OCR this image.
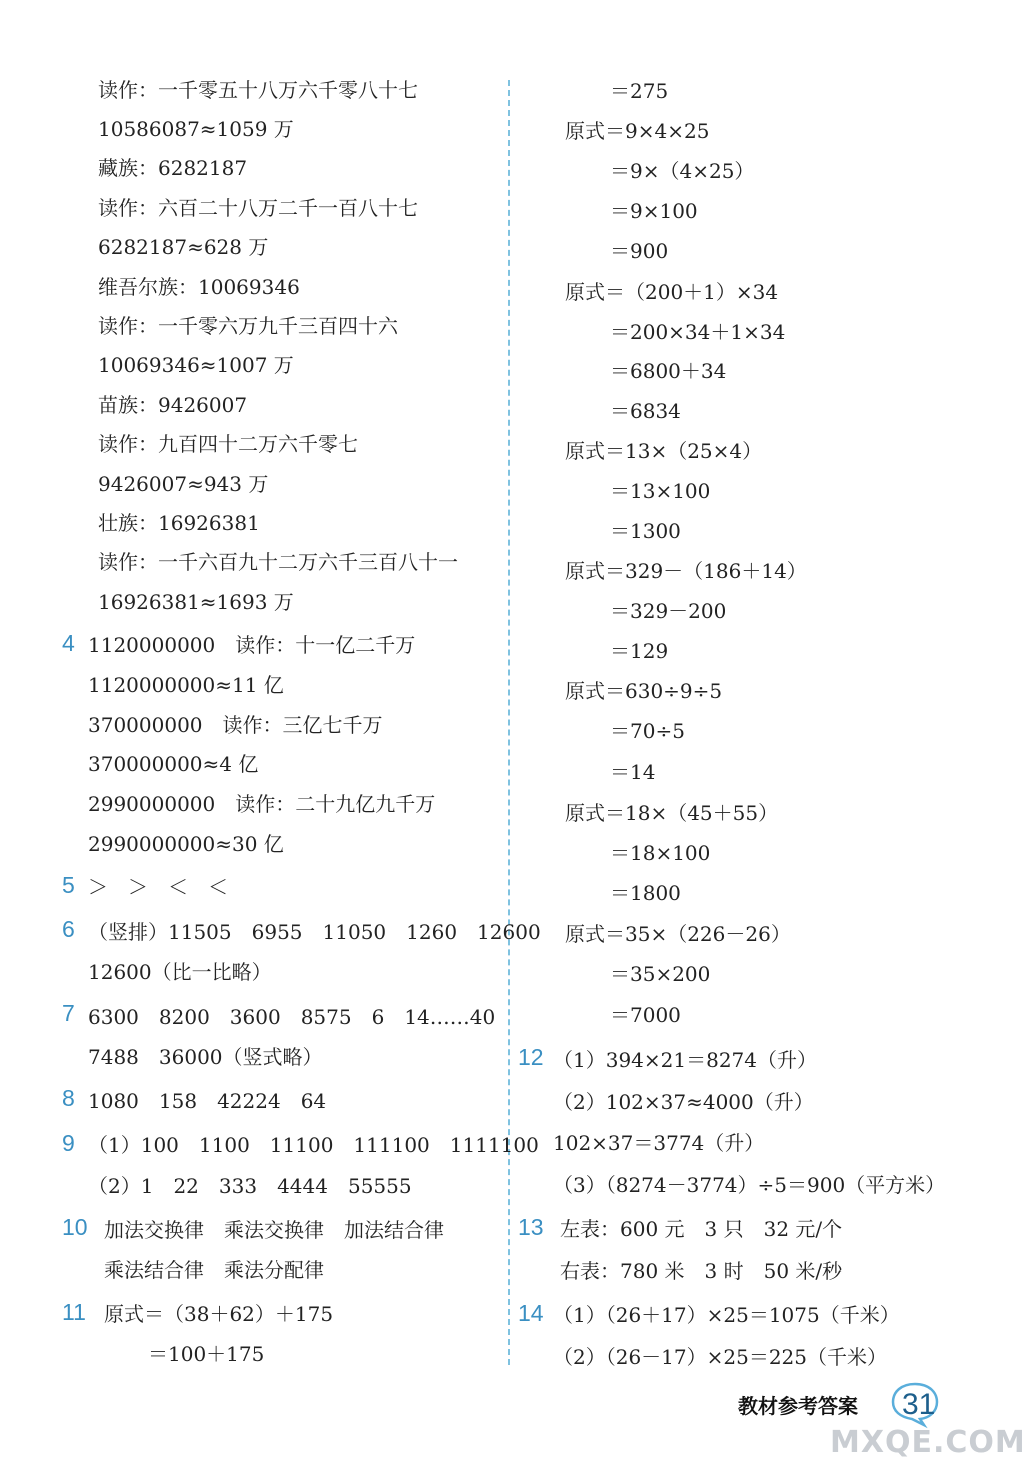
读作：一千零五十八万六千零八十七
10586087≈1059 万
藏族：6282187
读作：六百二十八万二千一百八十七
6282187≈628 万
维吾尔族：10069346
读作：一千零六万九千三百四十六
10069346≈1007 万
苗族：9426007
读作：九百四十二万六千零七
9426007≈943 万
壮族：16926381
读作：一千六百九十二万六千三百八十一
16926381≈1693 万
4 1120000000　读作：十一亿二千万
1120000000≈11 亿
370000000　读作：三亿七千万
370000000≈4 亿
2990000000　读作：二十九亿九千万
2990000000≈30 亿
5 ＞　＞　＜　＜
6 （竖排）11505　6955　11050　1260　12600
12600（比一比略）
7 6300　8200　3600　8575　6　14……40
7488　36000（竖式略）
8 1080　158　42224　64
9 （1）100　1100　11100　111100　1111100
（2）1　22　333　4444　55555
10 加法交换律　乘法交换律　加法结合律
乘法结合律　乘法分配律
11 原式＝（38＋62）＋175
＝100＋175
＝275
原式＝9×4×25
＝9×（4×25）
＝9×100
＝900
原式＝（200＋1）×34
＝200×34＋1×34
＝6800＋34
＝6834
原式＝13×（25×4）
＝13×100
＝1300
原式＝329－（186＋14）
＝329－200
＝129
原式＝630÷9÷5
＝70÷5
＝14
原式＝18×（45＋55）
＝18×100
＝1800
原式＝35×（226－26）
＝35×200
＝7000
12 （1）394×21＝8274（升）
（2）102×37≈4000（升）
102×37＝3774（升）
（3）（8274－3774）÷5＝900（平方米）
13 左表：600 元　3 只　32 元/个
右表：780 米　3 时　50 米/秒
14 （1）（26＋17）×25＝1075（千米）
（2）（26－17）×25＝225（千米）
教材参考答案 31
MXQE.COM
